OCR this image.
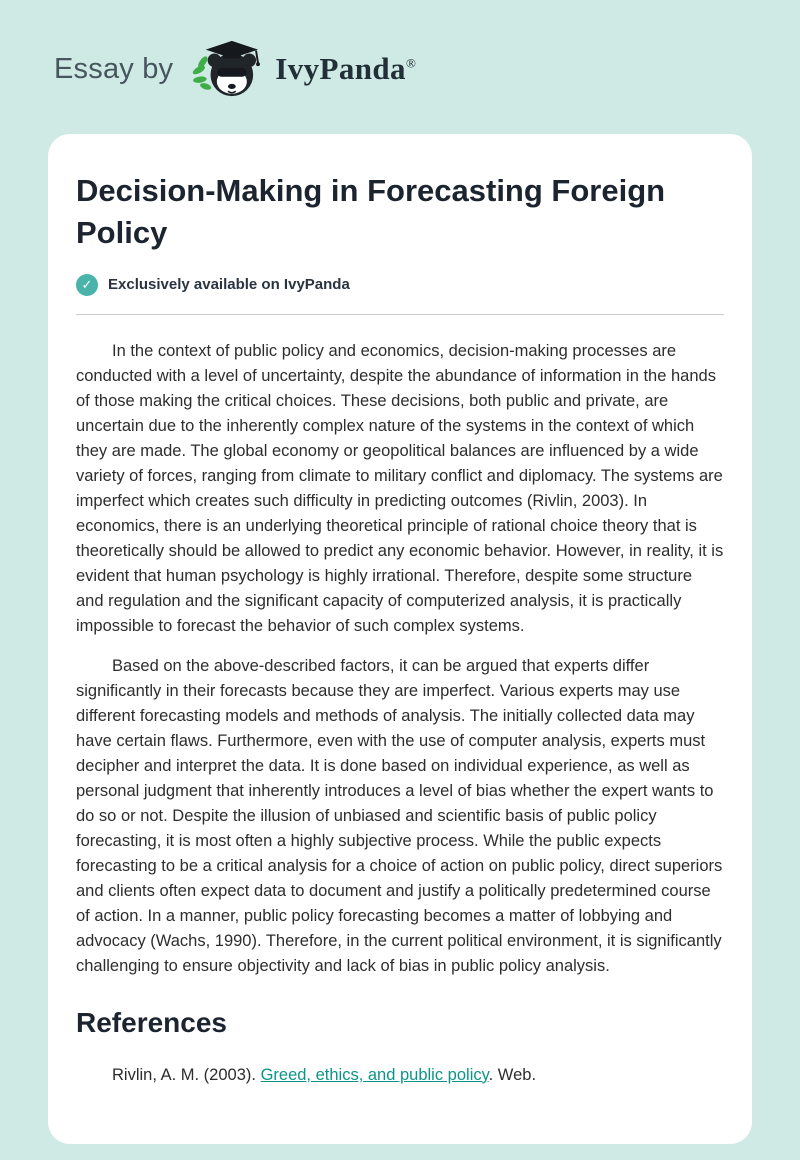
Essay by	IvyPanda®
Decision-Making in Forecasting Foreign Policy
✓	Exclusively available on IvyPanda

In the context of public policy and economics, decision-making processes are conducted with a level of uncertainty, despite the abundance of information in the hands of those making the critical choices. These decisions, both public and private, are uncertain due to the inherently complex nature of the systems in the context of which they are made. The global economy or geopolitical balances are influenced by a wide variety of forces, ranging from climate to military conflict and diplomacy. The systems are imperfect which creates such difficulty in predicting outcomes (Rivlin, 2003). In economics, there is an underlying theoretical principle of rational choice theory that is theoretically should be allowed to predict any economic behavior. However, in reality, it is evident that human psychology is highly irrational. Therefore, despite some structure and regulation and the significant capacity of computerized analysis, it is practically impossible to forecast the behavior of such complex systems.

Based on the above-described factors, it can be argued that experts differ significantly in their forecasts because they are imperfect. Various experts may use different forecasting models and methods of analysis. The initially collected data may have certain flaws. Furthermore, even with the use of computer analysis, experts must decipher and interpret the data. It is done based on individual experience, as well as personal judgment that inherently introduces a level of bias whether the expert wants to do so or not. Despite the illusion of unbiased and scientific basis of public policy forecasting, it is most often a highly subjective process. While the public expects forecasting to be a critical analysis for a choice of action on public policy, direct superiors and clients often expect data to document and justify a politically predetermined course of action. In a manner, public policy forecasting becomes a matter of lobbying and advocacy (Wachs, 1990). Therefore, in the current political environment, it is significantly challenging to ensure objectivity and lack of bias in public policy analysis.

References

Rivlin, A. M. (2003). Greed, ethics, and public policy. Web.
